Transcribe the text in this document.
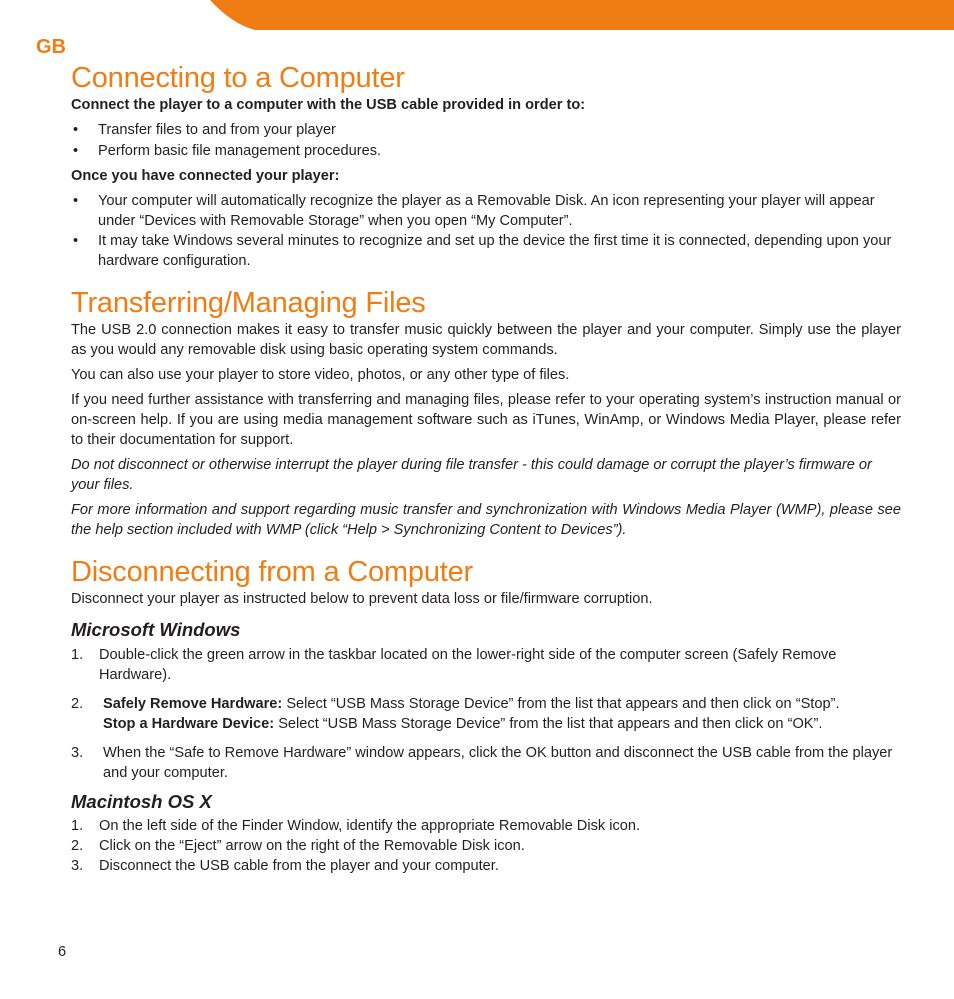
GB
Connecting to a Computer

Connect the player to a computer with the USB cable provided in order to:

• Transfer files to and from your player
• Perform basic file management procedures.

Once you have connected your player:

• Your computer will automatically recognize the player as a Removable Disk. An icon representing your player will appear under “Devices with Removable Storage” when you open “My Computer”.
• It may take Windows several minutes to recognize and set up the device the first time it is connected, depending upon your hardware configuration.
Transferring/Managing Files

The USB 2.0 connection makes it easy to transfer music quickly between the player and your computer. Simply use the player as you would any removable disk using basic operating system commands.

You can also use your player to store video, photos, or any other type of files.

If you need further assistance with transferring and managing files, please refer to your operating system’s instruction manual or on-screen help. If you are using media management software such as iTunes, WinAmp, or Windows Media Player, please refer to their documentation for support.

Do not disconnect or otherwise interrupt the player during file transfer - this could damage or corrupt the player’s firmware or your files.

For more information and support regarding music transfer and synchronization with Windows Media Player (WMP), please see the help section included with WMP (click “Help > Synchronizing Content to Devices”).

Disconnecting from a Computer

Disconnect your player as instructed below to prevent data loss or file/firmware corruption.

Microsoft Windows
1. Double-click the green arrow in the taskbar located on the lower-right side of the computer screen (Safely Remove Hardware).
2. Safely Remove Hardware: Select “USB Mass Storage Device” from the list that appears and then click on “Stop”.
Stop a Hardware Device: Select “USB Mass Storage Device” from the list that appears and then click on “OK”.
3. When the “Safe to Remove Hardware” window appears, click the OK button and disconnect the USB cable from the player and your computer.
Macintosh OS X
1. On the left side of the Finder Window, identify the appropriate Removable Disk icon.
2. Click on the “Eject” arrow on the right of the Removable Disk icon.
3. Disconnect the USB cable from the player and your computer.
6
